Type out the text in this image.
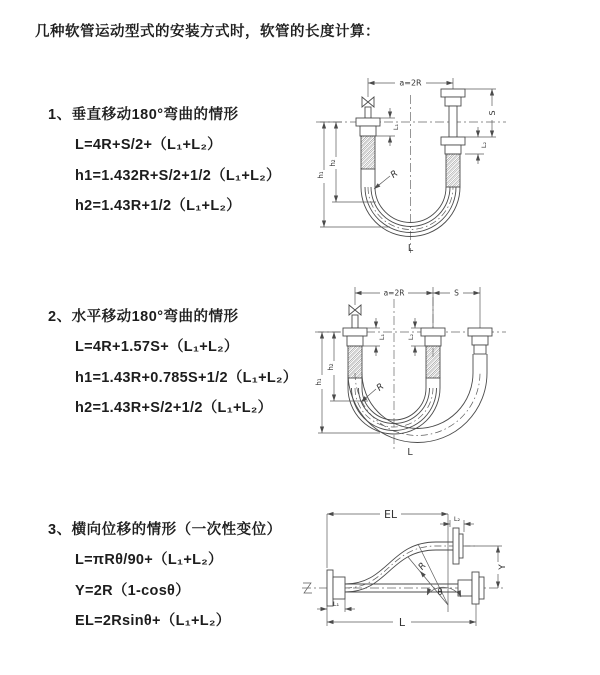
几种软管运动型式的安装方式时，软管的长度计算：
1、垂直移动180°弯曲的情形
L=4R+S/2+（L₁+L₂）
h1=1.432R+S/2+1/2（L₁+L₂）
h2=1.43R+1/2（L₁+L₂）
2、水平移动180°弯曲的情形
L=4R+1.57S+（L₁+L₂）
h1=1.43R+0.785S+1/2（L₁+L₂）
h2=1.43R+S/2+1/2（L₁+L₂）
3、横向位移的情形（一次性变位）
L=πRθ/90+（L₁+L₂）
Y=2R（1-cosθ）
EL=2Rsinθ+（L₁+L₂）
a=2R
S
L₂
L₁
h₁
h₂
R
L
a=2R	S
h₁
h₂
L₁	L₂
R
L
EL	L₂
Y
θ
R
L₁
L
